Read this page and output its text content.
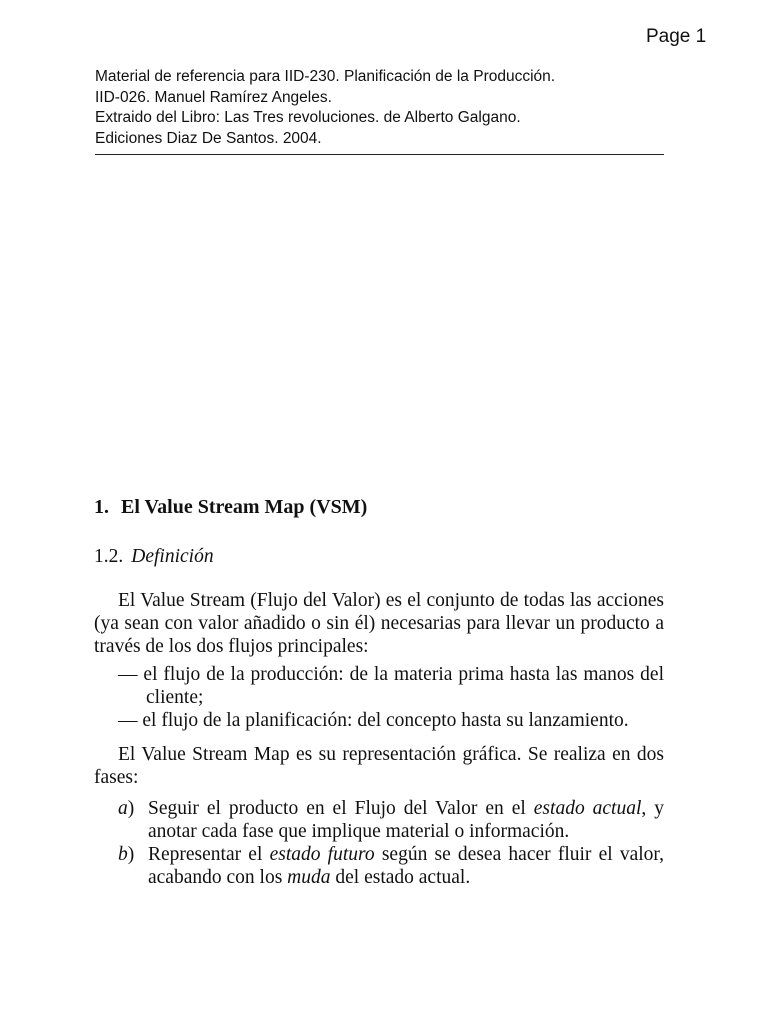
Page 1
Material de referencia para IID-230. Planificación de la Producción.
IID-026. Manuel Ramírez Angeles.
Extraido del Libro: Las Tres revoluciones. de Alberto Galgano.
Ediciones Diaz De Santos. 2004.
1. El Value Stream Map (VSM)
1.2. Definición

El Value Stream (Flujo del Valor) es el conjunto de todas las acciones (ya sean con valor añadido o sin él) necesarias para llevar un producto a través de los dos flujos principales:

— el flujo de la producción: de la materia prima hasta las manos del cliente;
— el flujo de la planificación: del concepto hasta su lanzamiento.

El Value Stream Map es su representación gráfica. Se realiza en dos fases:

a) Seguir el producto en el Flujo del Valor en el estado actual, y anotar cada fase que implique material o información.
b) Representar el estado futuro según se desea hacer fluir el valor, acabando con los muda del estado actual.
